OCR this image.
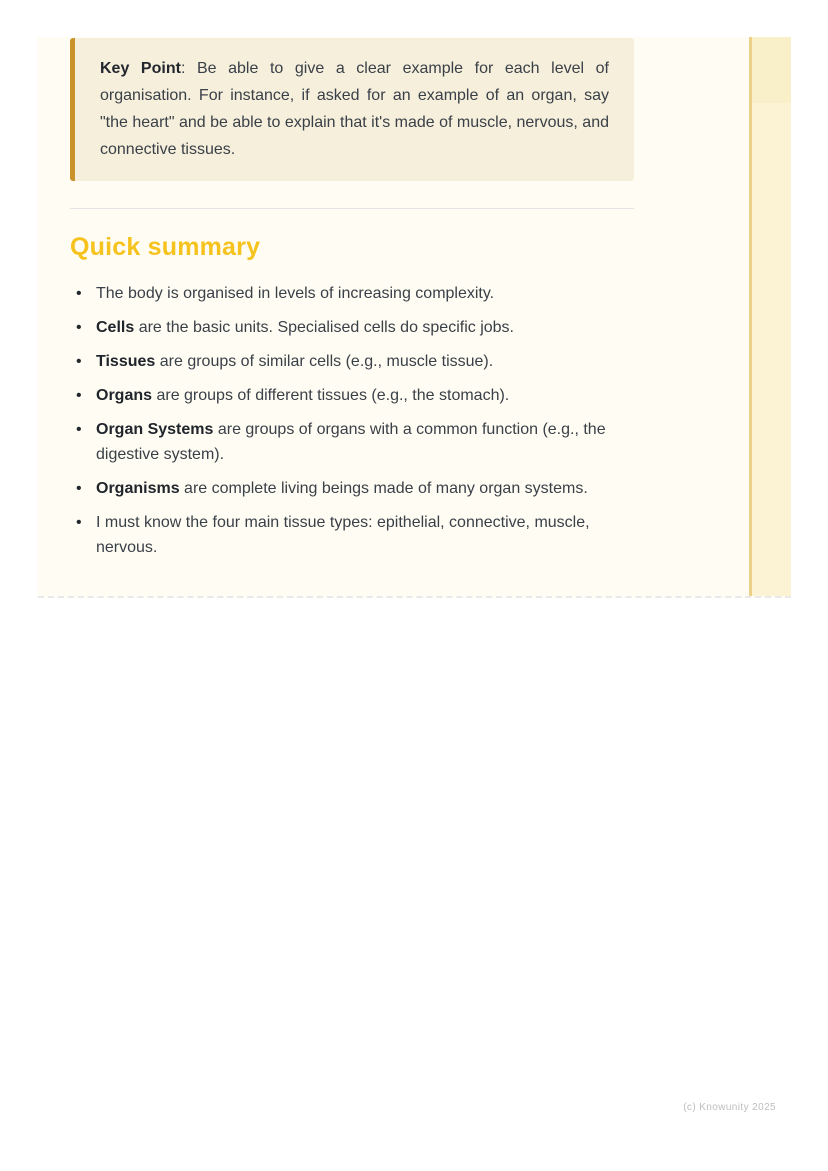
Key Point: Be able to give a clear example for each level of organisation. For instance, if asked for an example of an organ, say "the heart" and be able to explain that it's made of muscle, nervous, and connective tissues.
Quick summary
• The body is organised in levels of increasing complexity.
• Cells are the basic units. Specialised cells do specific jobs.
• Tissues are groups of similar cells (e.g., muscle tissue).
• Organs are groups of different tissues (e.g., the stomach).
• Organ Systems are groups of organs with a common function (e.g., the digestive system).
• Organisms are complete living beings made of many organ systems.
• I must know the four main tissue types: epithelial, connective, muscle, nervous.
(c) Knowunity 2025
